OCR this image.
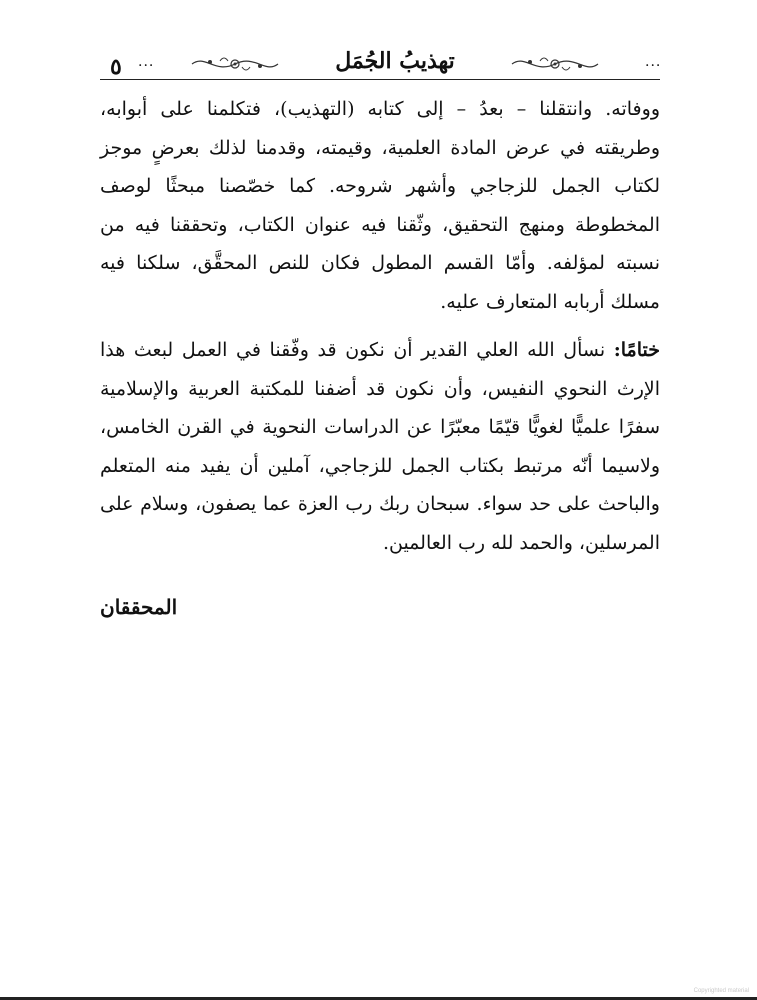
٥ ...	تهذيبُ الجُمَل	...

ووفاته. وانتقلنا – بعدُ – إلى كتابه (التهذيب)، فتكلمنا على أبوابه، وطريقته في عرض المادة العلمية، وقيمته، وقدمنا لذلك بعرضٍ موجز لكتاب الجمل للزجاجي وأشهر شروحه. كما خصّصنا مبحثًا لوصف المخطوطة ومنهج التحقيق، وثّقنا فيه عنوان الكتاب، وتحققنا فيه من نسبته لمؤلفه. وأمّا القسم المطول فكان للنص المحقَّق، سلكنا فيه مسلك أربابه المتعارف عليه.

ختامًا: نسأل الله العلي القدير أن نكون قد وفّقنا في العمل لبعث هذا الإرث النحوي النفيس، وأن نكون قد أضفنا للمكتبة العربية والإسلامية سفرًا علميًّا لغويًّا قيّمًا معبّرًا عن الدراسات النحوية في القرن الخامس، ولاسيما أنّه مرتبط بكتاب الجمل للزجاجي، آملين أن يفيد منه المتعلم والباحث على حد سواء. سبحان ربك رب العزة عما يصفون، وسلام على المرسلين، والحمد لله رب العالمين.

المحققان
Copyrighted material
